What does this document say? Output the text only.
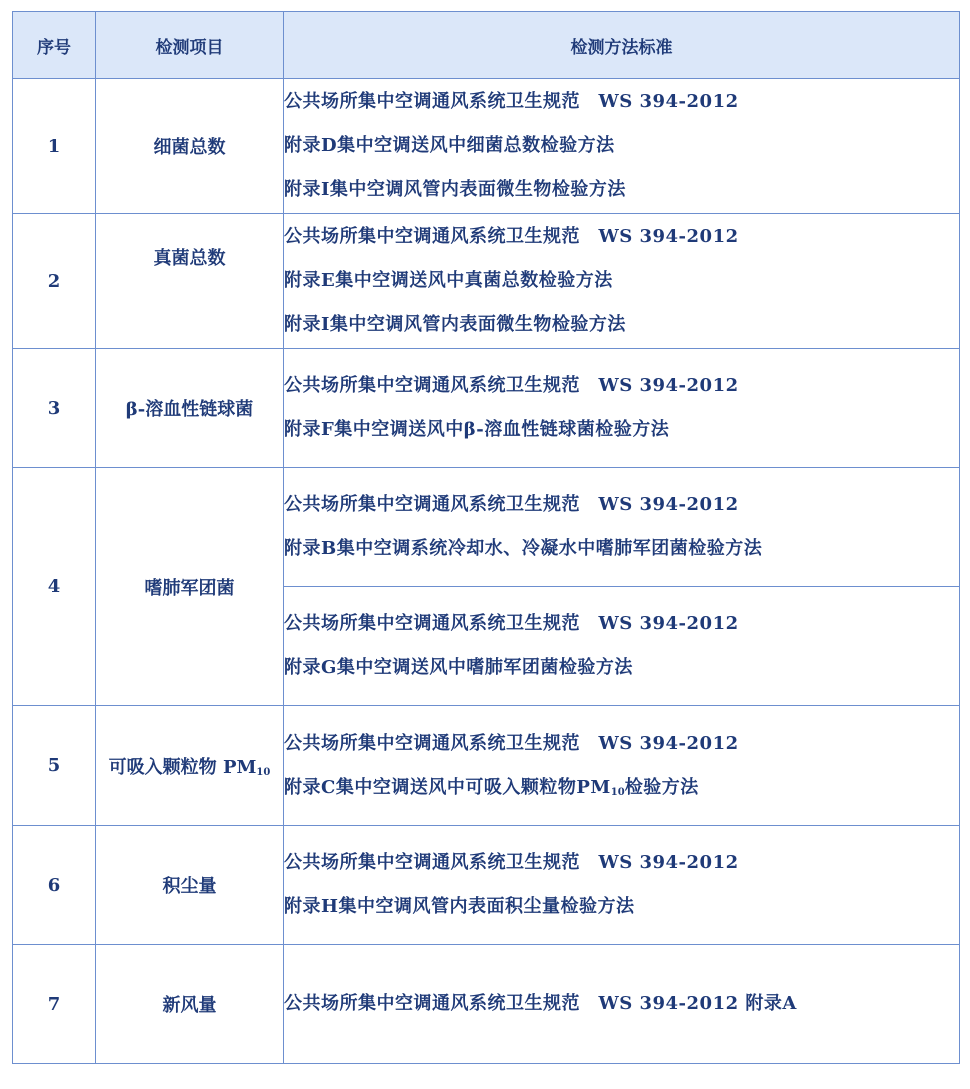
序号	检测项目	检测方法标准
1	细菌总数	公共场所集中空调通风系统卫生规范　WS 394-2012
附录D集中空调送风中细菌总数检验方法
附录I集中空调风管内表面微生物检验方法

2	真菌总数	公共场所集中空调通风系统卫生规范　WS 394-2012
附录E集中空调送风中真菌总数检验方法
附录I集中空调风管内表面微生物检验方法

3	β-溶血性链球菌	公共场所集中空调通风系统卫生规范　WS 394-2012
附录F集中空调送风中β-溶血性链球菌检验方法

4	嗜肺军团菌	公共场所集中空调通风系统卫生规范　WS 394-2012
附录B集中空调系统冷却水、冷凝水中嗜肺军团菌检验方法

		公共场所集中空调通风系统卫生规范　WS 394-2012
附录G集中空调送风中嗜肺军团菌检验方法

5	可吸入颗粒物 $PM_{10}$	公共场所集中空调通风系统卫生规范　WS 394-2012
附录C集中空调送风中可吸入颗粒物$PM_{10}$检验方法

6	积尘量	公共场所集中空调通风系统卫生规范　WS 394-2012
附录H集中空调风管内表面积尘量检验方法

7	新风量	公共场所集中空调通风系统卫生规范　WS 394-2012 附录A
